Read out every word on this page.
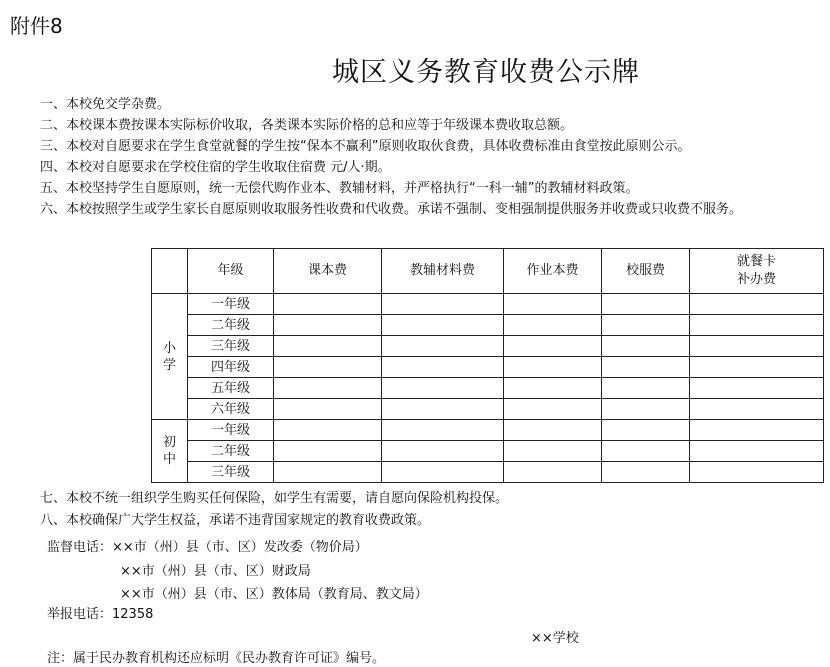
附件8
城区义务教育收费公示牌
一、本校免交学杂费。
二、本校课本费按课本实际标价收取，各类课本实际价格的总和应等于年级课本费收取总额。
三、本校对自愿要求在学生食堂就餐的学生按“保本不赢利”原则收取伙食费，具体收费标准由食堂按此原则公示。
四、本校对自愿要求在学校住宿的学生收取住宿费 元/人·期。
五、本校坚持学生自愿原则，统一无偿代购作业本、教辅材料，并严格执行“一科一辅”的教辅材料政策。
六、本校按照学生或学生家长自愿原则收取服务性收费和代收费。承诺不强制、变相强制提供服务并收费或只收费不服务。
	年级	课本费	教辅材料费	作业本费	校服费	就餐卡
补办费

小
学	一年级					
	二年级					
	三年级					
	四年级					
	五年级					
	六年级					

初
中	一年级					
	二年级					
	三年级					
七、本校不统一组织学生购买任何保险，如学生有需要，请自愿向保险机构投保。
八、本校确保广大学生权益，承诺不违背国家规定的教育收费政策。
监督电话：××市（州）县（市、区）发改委（物价局）
××市（州）县（市、区）财政局
××市（州）县（市、区）教体局（教育局、教文局）
举报电话：12358
××学校
注：属于民办教育机构还应标明《民办教育许可证》编号。
